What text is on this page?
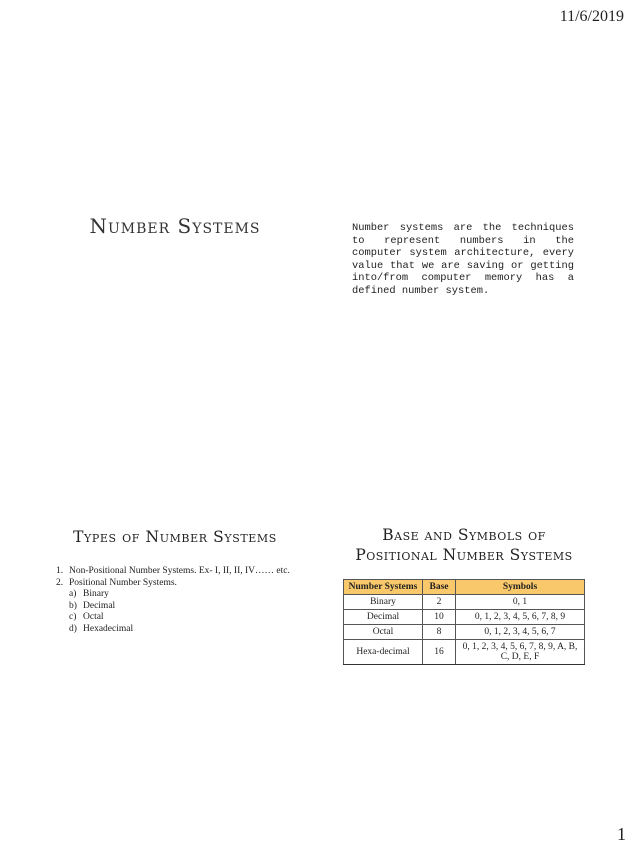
11/6/2019
Number Systems	Number systems are the techniques to represent numbers in the computer system architecture, every value that we are saving or getting into/from computer memory has a defined number system.
Types of Number Systems
1. Non-Positional Number Systems. Ex- I, II, II, IV…… etc.
2. Positional Number Systems.
a) Binary
b) Decimal
c) Octal
d) Hexadecimal
Base and Symbols of
Positional Number Systems
Number Systems	Base	Symbols
Binary	2	0, 1
Decimal	10	0, 1, 2, 3, 4, 5, 6, 7, 8, 9
Octal	8	0, 1, 2, 3, 4, 5, 6, 7
Hexa-decimal	16	0, 1, 2, 3, 4, 5, 6, 7, 8, 9, A, B, C, D, E, F
1
